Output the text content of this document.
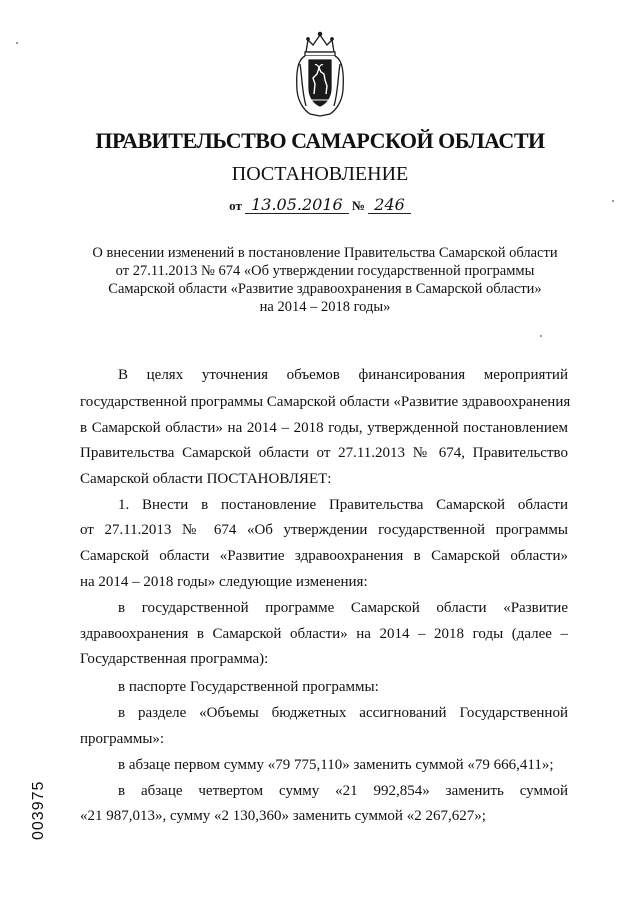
ПРАВИТЕЛЬСТВО САМАРСКОЙ ОБЛАСТИ
ПОСТАНОВЛЕНИЕ
от 13.05.2016 № 246
О внесении изменений в постановление Правительства Самарской области
от 27.11.2013 № 674 «Об утверждении государственной программы
Самарской области «Развитие здравоохранения в Самарской области»
на 2014 – 2018 годы»
В целях уточнения объемов финансирования мероприятий
государственной программы Самарской области «Развитие здравоохранения
в Самарской области» на 2014 – 2018 годы, утвержденной постановлением
Правительства Самарской области от 27.11.2013 № 674, Правительство
Самарской области ПОСТАНОВЛЯЕТ:
1. Внести в постановление Правительства Самарской области
от 27.11.2013 № 674 «Об утверждении государственной программы
Самарской области «Развитие здравоохранения в Самарской области»
на 2014 – 2018 годы» следующие изменения:
в государственной программе Самарской области «Развитие
здравоохранения в Самарской области» на 2014 – 2018 годы (далее –
Государственная программа):
в паспорте Государственной программы:
в разделе «Объемы бюджетных ассигнований Государственной
программы»:
в абзаце первом сумму «79 775,110» заменить суммой «79 666,411»;
в абзаце четвертом сумму «21 992,854» заменить суммой
«21 987,013», сумму «2 130,360» заменить суммой «2 267,627»;
003975
